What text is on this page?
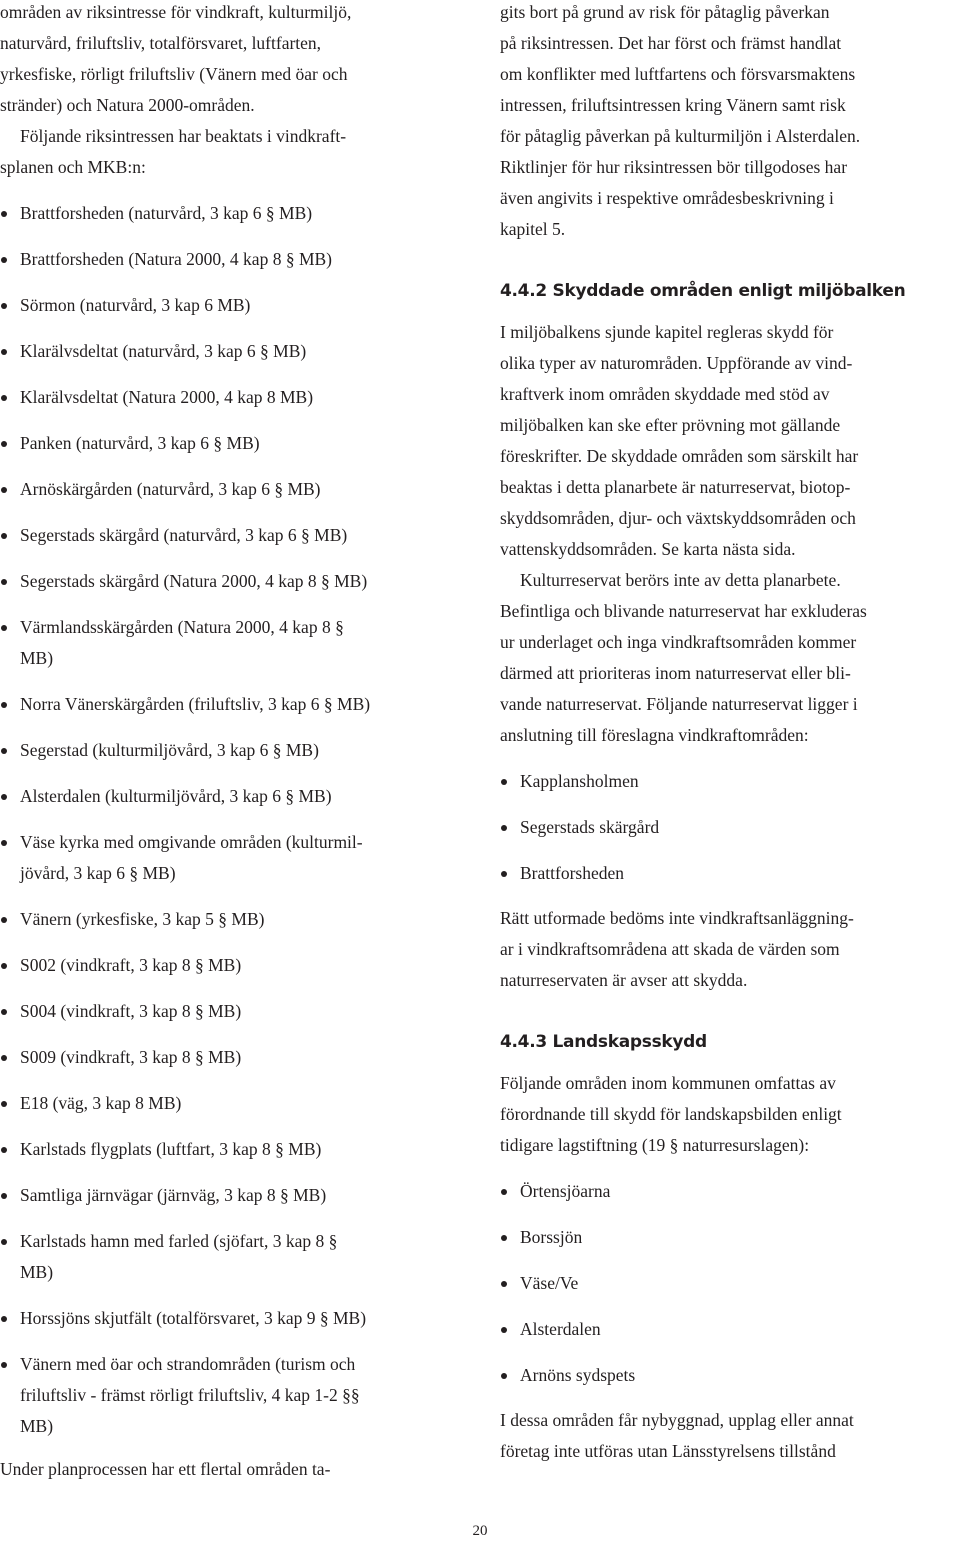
områden av riksintresse för vindkraft, kulturmiljö,
naturvård, friluftsliv, totalförsvaret, luftfarten,
yrkesfiske, rörligt friluftsliv (Vänern med öar och
stränder) och Natura 2000-områden.

Följande riksintressen har beaktats i vindkraft-
splanen och MKB:n:

Brattforsheden (naturvård, 3 kap 6 § MB)
Brattforsheden (Natura 2000, 4 kap 8 § MB)
Sörmon (naturvård, 3 kap 6 MB)
Klarälvsdeltat (naturvård, 3 kap 6 § MB)
Klarälvsdeltat (Natura 2000, 4 kap 8 MB)
Panken (naturvård, 3 kap 6 § MB)
Arnöskärgården (naturvård, 3 kap 6 § MB)
Segerstads skärgård (naturvård, 3 kap 6 § MB)
Segerstads skärgård (Natura 2000, 4 kap 8 § MB)
Värmlandsskärgården (Natura 2000, 4 kap 8 §
MB)
Norra Vänerskärgården (friluftsliv, 3 kap 6 § MB)
Segerstad (kulturmiljövård, 3 kap 6 § MB)
Alsterdalen (kulturmiljövård, 3 kap 6 § MB)
Väse kyrka med omgivande områden (kulturmil-
jövård, 3 kap 6 § MB)
Vänern (yrkesfiske, 3 kap 5 § MB)
S002 (vindkraft, 3 kap 8 § MB)
S004 (vindkraft, 3 kap 8 § MB)
S009 (vindkraft, 3 kap 8 § MB)
E18 (väg, 3 kap 8 MB)
Karlstads flygplats (luftfart, 3 kap 8 § MB)
Samtliga järnvägar (järnväg, 3 kap 8 § MB)
Karlstads hamn med farled (sjöfart, 3 kap 8 §
MB)
Horssjöns skjutfält (totalförsvaret, 3 kap 9 § MB)
Vänern med öar och strandområden (turism och
friluftsliv - främst rörligt friluftsliv, 4 kap 1-2 §§
MB)

Under planprocessen har ett flertal områden ta-

gits bort på grund av risk för påtaglig påverkan
på riksintressen. Det har först och främst handlat
om konflikter med luftfartens och försvarsmaktens
intressen, friluftsintressen kring Vänern samt risk
för påtaglig påverkan på kulturmiljön i Alsterdalen.
Riktlinjer för hur riksintressen bör tillgodoses har
även angivits i respektive områdesbeskrivning i
kapitel 5.

4.4.2 Skyddade områden enligt miljöbalken

I miljöbalkens sjunde kapitel regleras skydd för
olika typer av naturområden. Uppförande av vind-
kraftverk inom områden skyddade med stöd av
miljöbalken kan ske efter prövning mot gällande
föreskrifter. De skyddade områden som särskilt har
beaktas i detta planarbete är naturreservat, biotop-
skyddsområden, djur- och växtskyddsområden och
vattenskyddsområden. Se karta nästa sida.

Kulturreservat berörs inte av detta planarbete.
Befintliga och blivande naturreservat har exkluderas
ur underlaget och inga vindkraftsområden kommer
därmed att prioriteras inom naturreservat eller bli-
vande naturreservat. Följande naturreservat ligger i
anslutning till föreslagna vindkraftområden:

Kapplansholmen
Segerstads skärgård
Brattforsheden

Rätt utformade bedöms inte vindkraftsanläggning-
ar i vindkraftsområdena att skada de värden som
naturreservaten är avser att skydda.

4.4.3 Landskapsskydd

Följande områden inom kommunen omfattas av
förordnande till skydd för landskapsbilden enligt
tidigare lagstiftning (19 § naturresurslagen):

Örtensjöarna
Borssjön
Väse/Ve
Alsterdalen
Arnöns sydspets

I dessa områden får nybyggnad, upplag eller annat
företag inte utföras utan Länsstyrelsens tillstånd

20
